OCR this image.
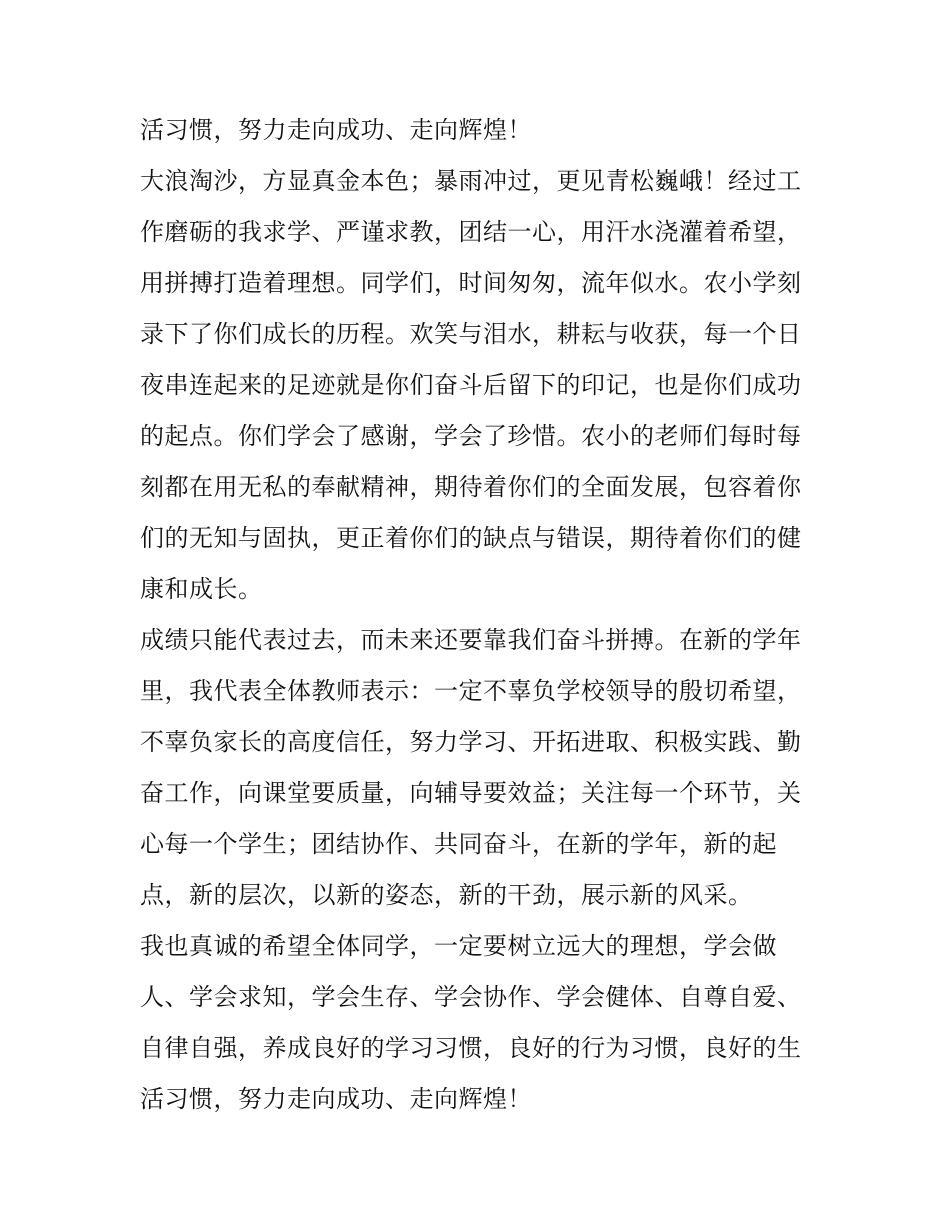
活习惯，努力走向成功、走向辉煌！
大浪淘沙，方显真金本色；暴雨冲过，更见青松巍峨！经过工
作磨砺的我求学、严谨求教，团结一心，用汗水浇灌着希望，
用拼搏打造着理想。同学们，时间匆匆，流年似水。农小学刻
录下了你们成长的历程。欢笑与泪水，耕耘与收获，每一个日
夜串连起来的足迹就是你们奋斗后留下的印记，也是你们成功
的起点。你们学会了感谢，学会了珍惜。农小的老师们每时每
刻都在用无私的奉献精神，期待着你们的全面发展，包容着你
们的无知与固执，更正着你们的缺点与错误，期待着你们的健
康和成长。
成绩只能代表过去，而未来还要靠我们奋斗拼搏。在新的学年
里，我代表全体教师表示：一定不辜负学校领导的殷切希望，
不辜负家长的高度信任，努力学习、开拓进取、积极实践、勤
奋工作，向课堂要质量，向辅导要效益；关注每一个环节，关
心每一个学生；团结协作、共同奋斗，在新的学年，新的起
点，新的层次，以新的姿态，新的干劲，展示新的风采。
我也真诚的希望全体同学，一定要树立远大的理想，学会做
人、学会求知，学会生存、学会协作、学会健体、自尊自爱、
自律自强，养成良好的学习习惯，良好的行为习惯，良好的生
活习惯，努力走向成功、走向辉煌！
